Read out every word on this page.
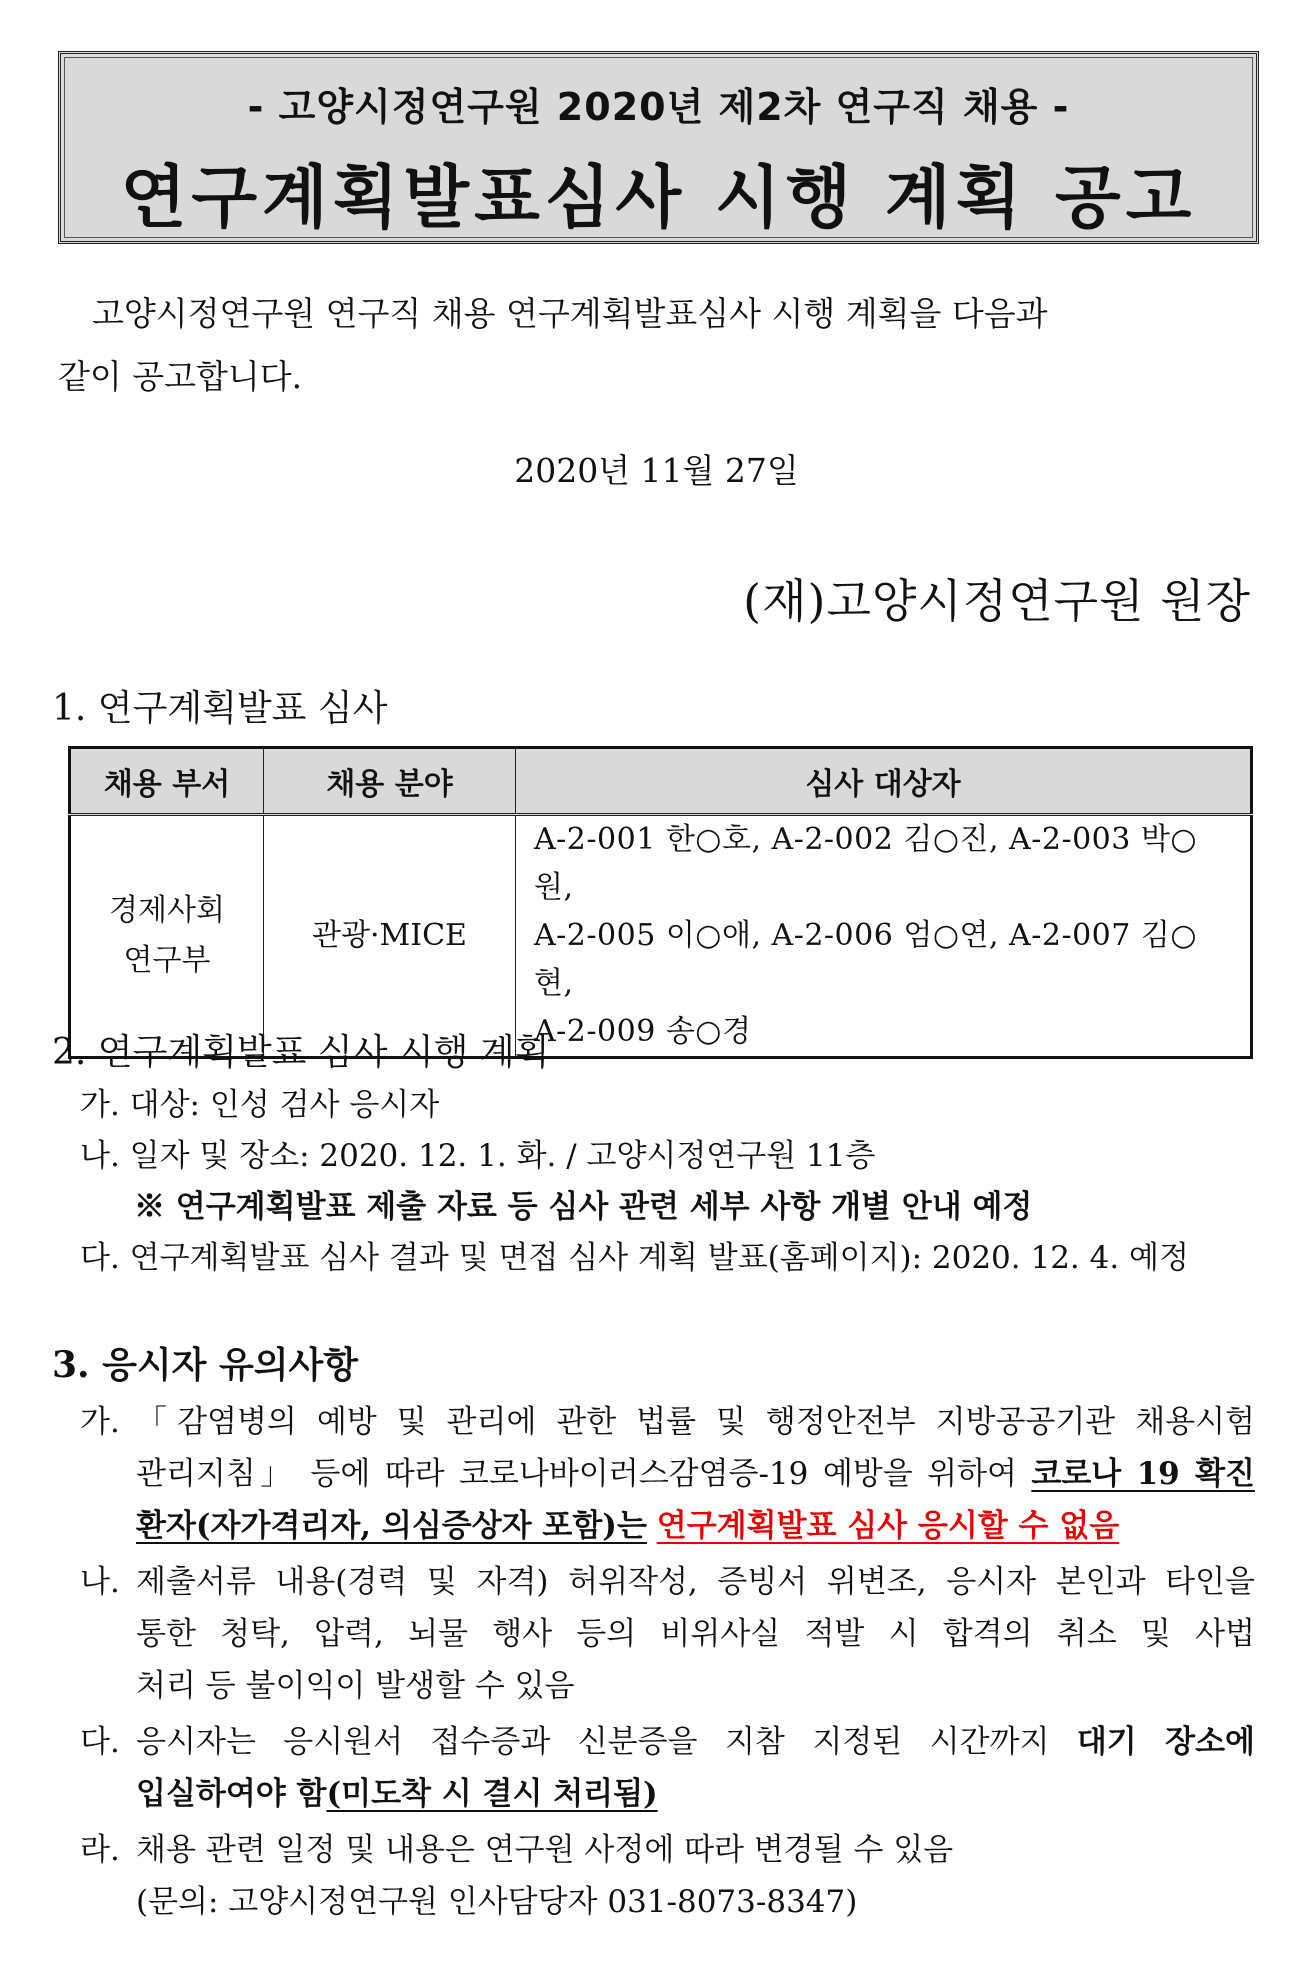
- 고양시정연구원 2020년 제2차 연구직 채용 -
연구계획발표심사 시행 계획 공고
고양시정연구원 연구직 채용 연구계획발표심사 시행 계획을 다음과
같이 공고합니다.
2020년 11월 27일
(재)고양시정연구원 원장
1. 연구계획발표 심사
채용 부서	채용 분야	심사 대상자
경제사회
연구부	관광·MICE	A-2-001 한○호, A-2-002 김○진, A-2-003 박○원,
A-2-005 이○애, A-2-006 엄○연, A-2-007 김○현,
A-2-009 송○경
2. 연구계획발표 심사 시행 계획
가. 대상: 인성 검사 응시자
나. 일자 및 장소: 2020. 12. 1. 화. / 고양시정연구원 11층
※ 연구계획발표 제출 자료 등 심사 관련 세부 사항 개별 안내 예정
다. 연구계획발표 심사 결과 및 면접 심사 계획 발표(홈페이지): 2020. 12. 4. 예정
3. 응시자 유의사항
가. 「감염병의 예방 및 관리에 관한 법률 및 행정안전부 지방공공기관 채용시험
관리지침」 등에 따라 코로나바이러스감염증-19 예방을 위하여 코로나 19 확진
환자(자가격리자, 의심증상자 포함)는 연구계획발표 심사 응시할 수 없음
나. 제출서류 내용(경력 및 자격) 허위작성, 증빙서 위변조, 응시자 본인과 타인을
통한 청탁, 압력, 뇌물 행사 등의 비위사실 적발 시 합격의 취소 및 사법
처리 등 불이익이 발생할 수 있음
다. 응시자는 응시원서 접수증과 신분증을 지참 지정된 시간까지 대기 장소에
입실하여야 함(미도착 시 결시 처리됨)
라. 채용 관련 일정 및 내용은 연구원 사정에 따라 변경될 수 있음
(문의: 고양시정연구원 인사담당자 031-8073-8347)
